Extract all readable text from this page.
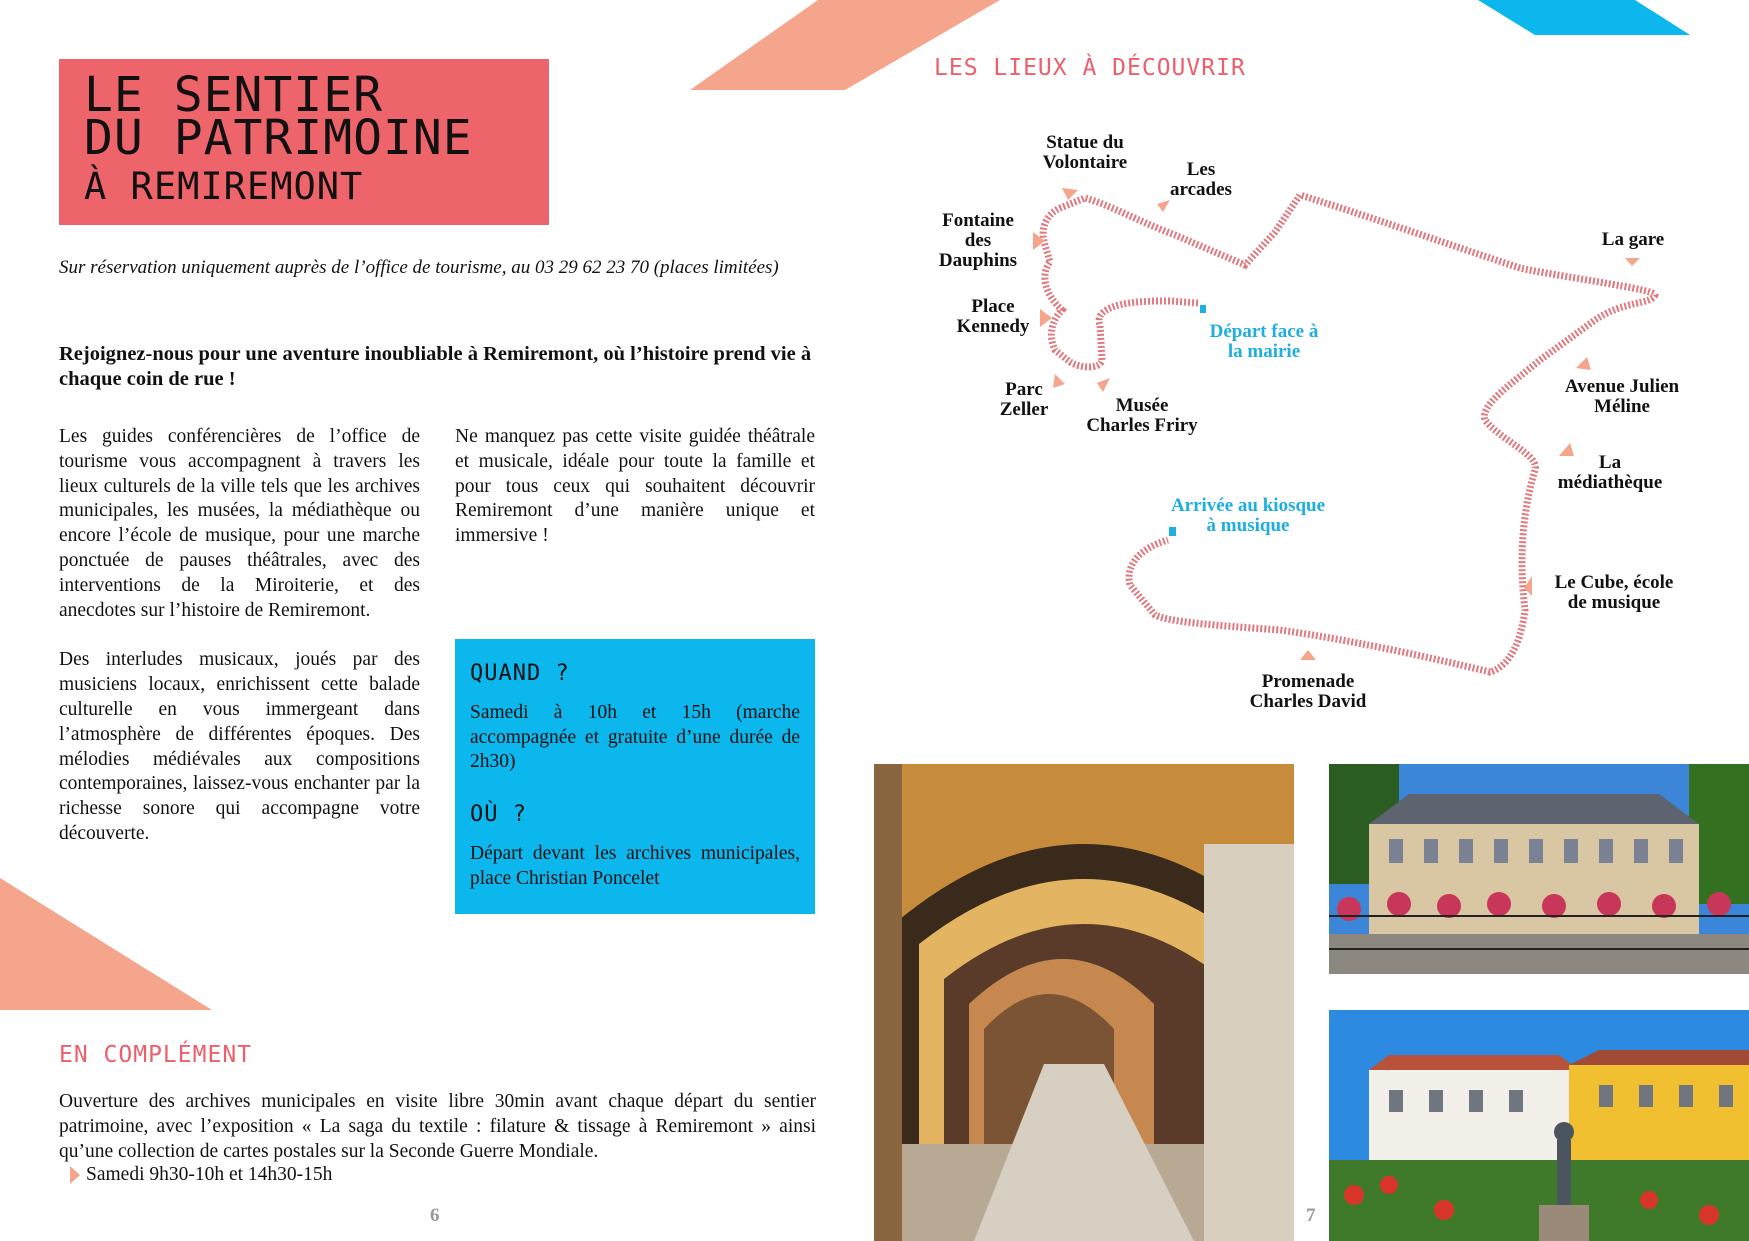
LE SENTIER
DU PATRIMOINE
À REMIREMONT
Sur réservation uniquement auprès de l’office de tourisme, au 03 29 62 23 70 (places limitées)
Rejoignez-nous pour une aventure inoubliable à Remiremont, où l’histoire prend vie à chaque coin de rue !

Les guides conférencières de l’office de tourisme vous accompagnent à travers les lieux culturels de la ville tels que les archives municipales, les musées, la médiathèque ou encore l’école de musique, pour une marche ponctuée de pauses théâtrales, avec des interventions de la Miroiterie, et des anecdotes sur l’histoire de Remiremont.

Des interludes musicaux, joués par des musiciens locaux, enrichissent cette balade culturelle en vous immergeant dans l’atmosphère de différentes époques. Des mélodies médiévales aux compositions contemporaines, laissez-vous enchanter par la richesse sonore qui accompagne votre découverte.

Ne manquez pas cette visite guidée théâtrale et musicale, idéale pour toute la famille et pour tous ceux qui souhaitent découvrir Remiremont d’une manière unique et immersive !

QUAND ?
Samedi à 10h et 15h (marche accompagnée et gratuite d’une durée de 2h30)
OÙ ?
Départ devant les archives municipales, place Christian Poncelet
EN COMPLÉMENT
Ouverture des archives municipales en visite libre 30min avant chaque départ du sentier patrimoine, avec l’exposition « La saga du textile : filature & tissage à Remiremont » ainsi qu’une collection de cartes postales sur la Seconde Guerre Mondiale.
Samedi 9h30-10h et 14h30-15h
6	7
LES LIEUX À DÉCOUVRIR
Statue du
Volontaire	Les
arcades
Fontaine
des
Dauphins
Place
Kennedy
Parc
Zeller	Musée
Charles Friry
Départ face à
la mairie
La gare
Avenue Julien
Méline
La
médiathèque
Arrivée au kiosque
à musique
Le Cube, école
de musique
Promenade
Charles David
